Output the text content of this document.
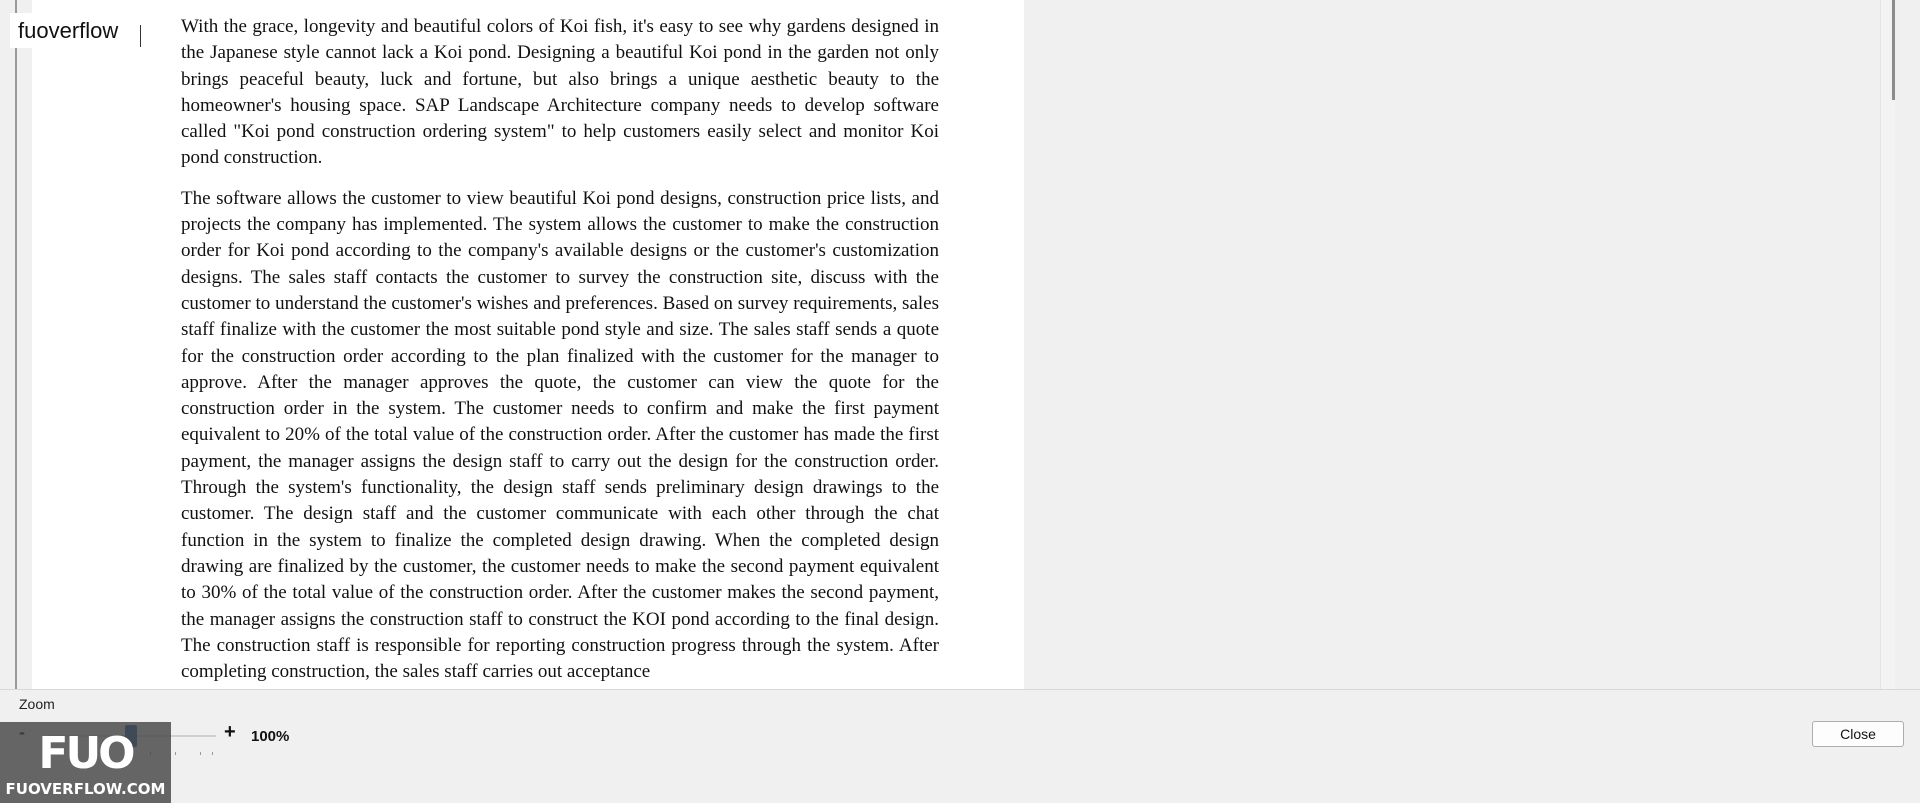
With the grace, longevity and beautiful colors of Koi fish, it's easy to see why gardens designed in the Japanese style cannot lack a Koi pond. Designing a beautiful Koi pond in the garden not only brings peaceful beauty, luck and fortune, but also brings a unique aesthetic beauty to the homeowner's housing space. SAP Landscape Architecture company needs to develop software called "Koi pond construction ordering system" to help customers easily select and monitor Koi pond construction.

The software allows the customer to view beautiful Koi pond designs, construction price lists, and projects the company has implemented. The system allows the customer to make the construction order for Koi pond according to the company's available designs or the customer's customization designs. The sales staff contacts the customer to survey the construction site, discuss with the customer to understand the customer's wishes and preferences. Based on survey requirements, sales staff finalize with the customer the most suitable pond style and size. The sales staff sends a quote for the construction order according to the plan finalized with the customer for the manager to approve. After the manager approves the quote, the customer can view the quote for the construction order in the system. The customer needs to confirm and make the first payment equivalent to 20% of the total value of the construction order. After the customer has made the first payment, the manager assigns the design staff to carry out the design for the construction order. Through the system's functionality, the design staff sends preliminary design drawings to the customer. The design staff and the customer communicate with each other through the chat function in the system to finalize the completed design drawing. When the completed design drawing are finalized by the customer, the customer needs to make the second payment equivalent to 30% of the total value of the construction order. After the customer makes the second payment, the manager assigns the construction staff to construct the KOI pond according to the final design. The construction staff is responsible for reporting construction progress through the system. After completing construction, the sales staff carries out acceptance

fuoverflow
Zoom
+ 100%
FUO
FUOVERFLOW.COM
Close
